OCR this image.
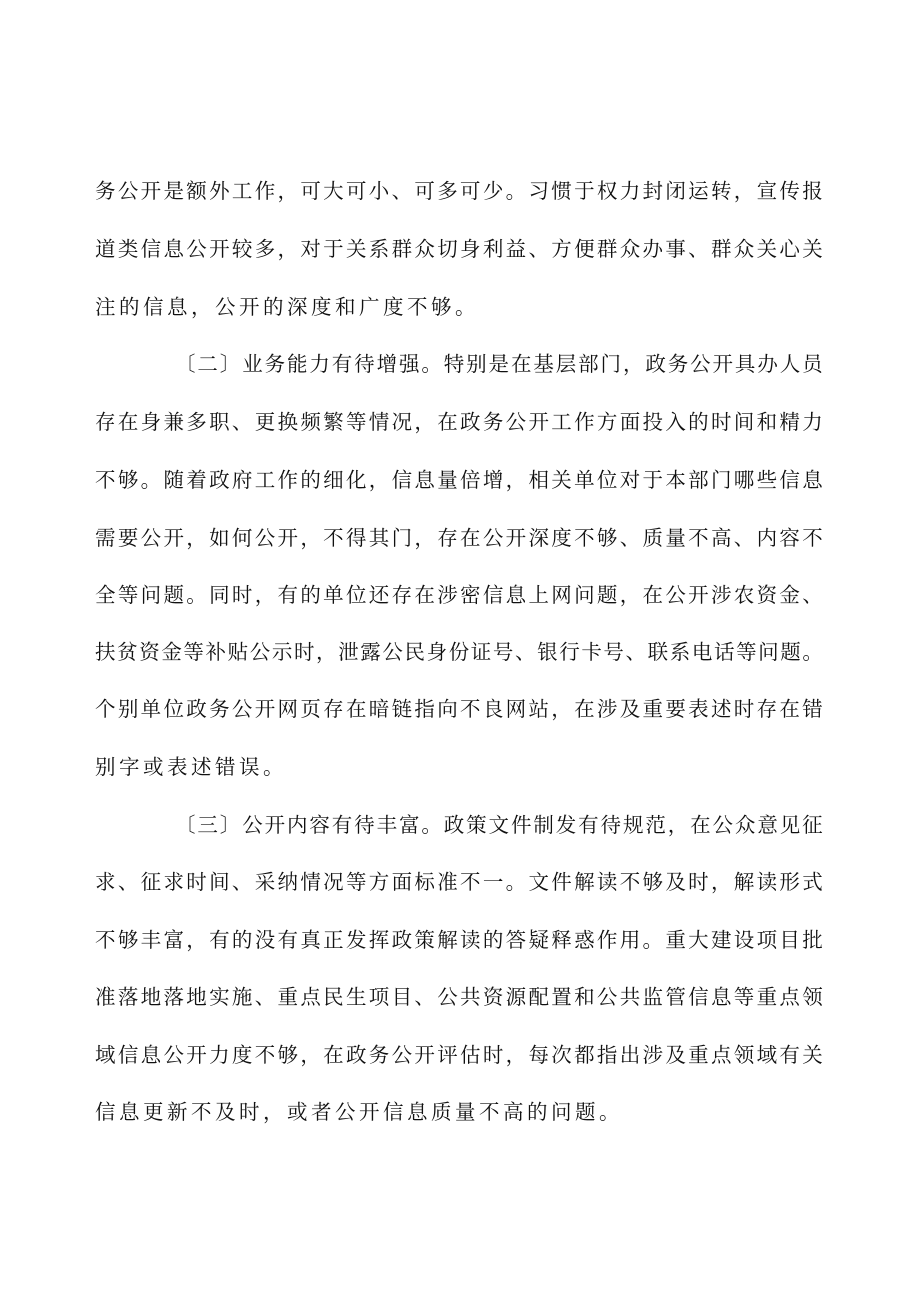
务公开是额外工作，可大可小、可多可少。习惯于权力封闭运转，宣传报

道类信息公开较多，对于关系群众切身利益、方便群众办事、群众关心关

注的信息，公开的深度和广度不够。

〔二〕业务能力有待增强。特别是在基层部门，政务公开具办人员

存在身兼多职、更换频繁等情况，在政务公开工作方面投入的时间和精力

不够。随着政府工作的细化，信息量倍增，相关单位对于本部门哪些信息

需要公开，如何公开，不得其门，存在公开深度不够、质量不高、内容不

全等问题。同时，有的单位还存在涉密信息上网问题，在公开涉农资金、

扶贫资金等补贴公示时，泄露公民身份证号、银行卡号、联系电话等问题。

个别单位政务公开网页存在暗链指向不良网站，在涉及重要表述时存在错

别字或表述错误。

〔三〕公开内容有待丰富。政策文件制发有待规范，在公众意见征

求、征求时间、采纳情况等方面标准不一。文件解读不够及时，解读形式

不够丰富，有的没有真正发挥政策解读的答疑释惑作用。重大建设项目批

准落地落地实施、重点民生项目、公共资源配置和公共监管信息等重点领

域信息公开力度不够，在政务公开评估时，每次都指出涉及重点领域有关

信息更新不及时，或者公开信息质量不高的问题。
